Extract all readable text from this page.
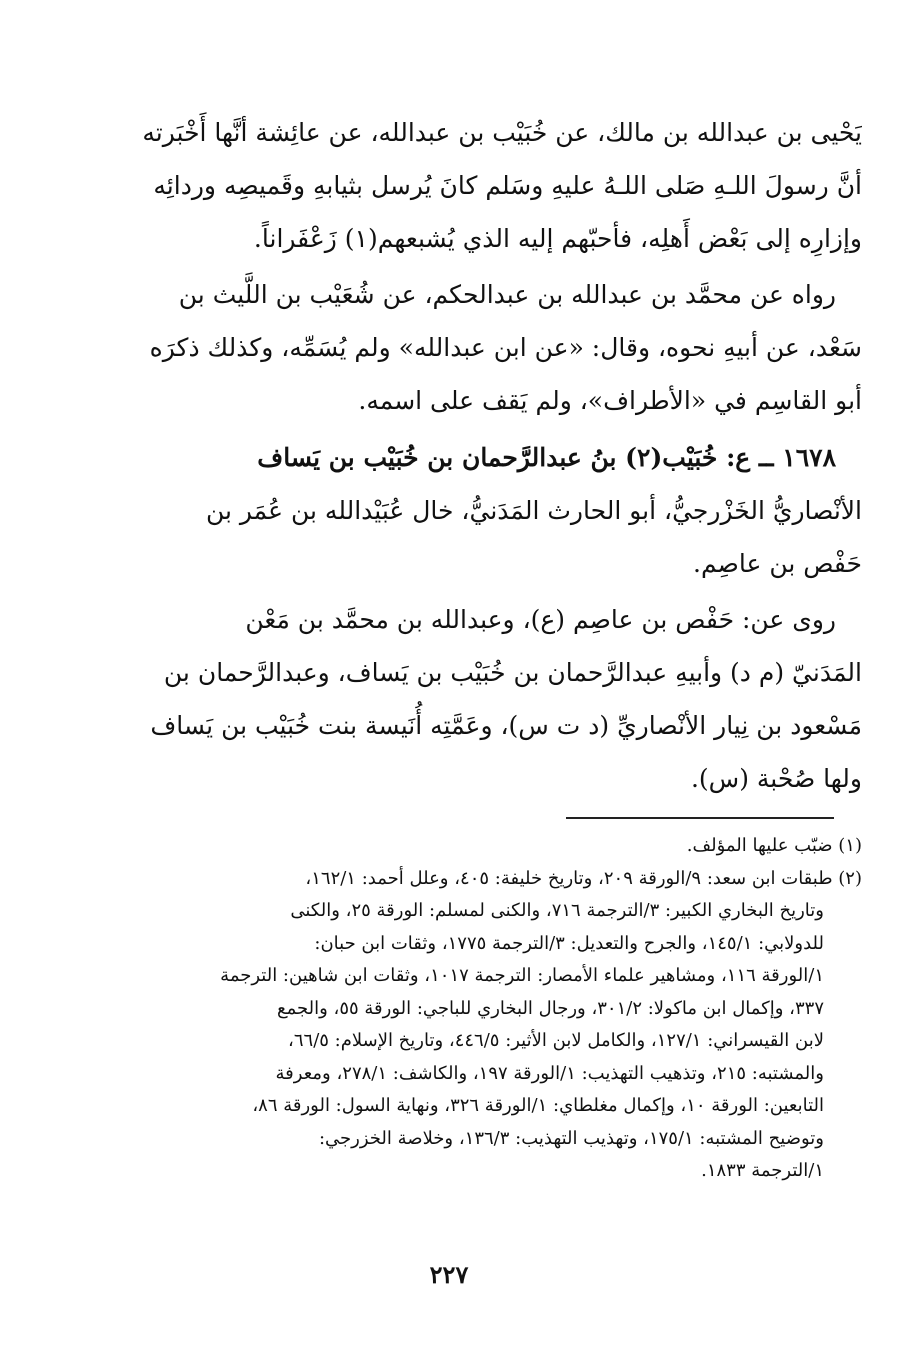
يَحْيى بن عبدالله بن مالك، عن خُبَيْب بن عبدالله، عن عائِشة أنَّها أَخْبَرته
أنَّ رسولَ اللـهِ صَلى اللـهُ عليهِ وسَلم كانَ يُرسل بثيابهِ وقَميصِه وردائِه
وإزارِه إلى بَعْض أَهلِه، فأحبّهم إليه الذي يُشبعهم(١) زَعْفَراناً.
رواه عن محمَّد بن عبدالله بن عبدالحكم، عن شُعَيْب بن اللَّيث بن
سَعْد، عن أبيهِ نحوه، وقال: «عن ابن عبدالله» ولم يُسَمِّه، وكذلك ذكرَه
أبو القاسِم في «الأطراف»، ولم يَقف على اسمه.
١٦٧٨ ــ ع: خُبَيْب(٢) بنُ عبدالرَّحمان بن خُبَيْب بن يَساف
الأنْصاريُّ الخَزْرجيُّ، أبو الحارث المَدَنيُّ، خال عُبَيْدالله بن عُمَر بن
حَفْص بن عاصِم.
روى عن: حَفْص بن عاصِم (ع)، وعبدالله بن محمَّد بن مَعْن
المَدَنيّ (م د) وأبيهِ عبدالرَّحمان بن خُبَيْب بن يَساف، وعبدالرَّحمان بن
مَسْعود بن نِيار الأنْصاريِّ (د ت س)، وعَمَّتِه أُنَيسة بنت خُبَيْب بن يَساف
ولها صُحْبة (س).
(١) ضبّب عليها المؤلف.
(٢) طبقات ابن سعد: ٩/الورقة ٢٠٩، وتاريخ خليفة: ٤٠٥، وعلل أحمد: ١٦٢/١،
وتاريخ البخاري الكبير: ٣/الترجمة ٧١٦، والكنى لمسلم: الورقة ٢٥، والكنى
للدولابي: ١٤٥/١، والجرح والتعديل: ٣/الترجمة ١٧٧٥، وثقات ابن حبان:
١/الورقة ١١٦، ومشاهير علماء الأمصار: الترجمة ١٠١٧، وثقات ابن شاهين: الترجمة
٣٣٧، وإكمال ابن ماكولا: ٣٠١/٢، ورجال البخاري للباجي: الورقة ٥٥، والجمع
لابن القيسراني: ١٢٧/١، والكامل لابن الأثير: ٤٤٦/٥، وتاريخ الإسلام: ٦٦/٥،
والمشتبه: ٢١٥، وتذهيب التهذيب: ١/الورقة ١٩٧، والكاشف: ٢٧٨/١، ومعرفة
التابعين: الورقة ١٠، وإكمال مغلطاي: ١/الورقة ٣٢٦، ونهاية السول: الورقة ٨٦،
وتوضيح المشتبه: ١٧٥/١، وتهذيب التهذيب: ١٣٦/٣، وخلاصة الخزرجي:
١/الترجمة ١٨٣٣.
٢٢٧
